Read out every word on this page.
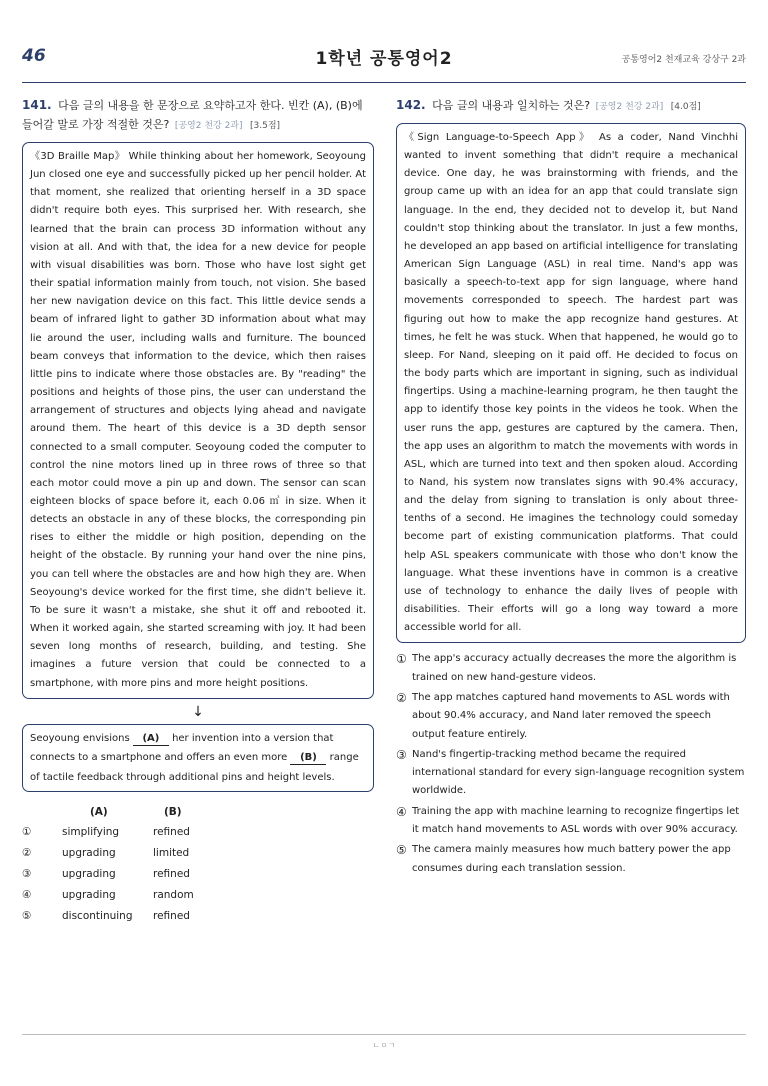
46	1학년 공통영어2	공통영어2 천재교육 강상구 2과
141. 다음 글의 내용을 한 문장으로 요약하고자 한다. 빈칸 (A), (B)에 들어갈 말로 가장 적절한 것은? [공영2 천강 2과] [3.5점]
《3D Braille Map》 While thinking about her homework, Seoyoung Jun closed one eye and successfully picked up her pencil holder. At that moment, she realized that orienting herself in a 3D space didn't require both eyes. This surprised her. With research, she learned that the brain can process 3D information without any vision at all. And with that, the idea for a new device for people with visual disabilities was born. Those who have lost sight get their spatial information mainly from touch, not vision. She based her new navigation device on this fact. This little device sends a beam of infrared light to gather 3D information about what may lie around the user, including walls and furniture. The bounced beam conveys that information to the device, which then raises little pins to indicate where those obstacles are. By "reading" the positions and heights of those pins, the user can understand the arrangement of structures and objects lying ahead and navigate around them. The heart of this device is a 3D depth sensor connected to a small computer. Seoyoung coded the computer to control the nine motors lined up in three rows of three so that each motor could move a pin up and down. The sensor can scan eighteen blocks of space before it, each 0.06 ㎥ in size. When it detects an obstacle in any of these blocks, the corresponding pin rises to either the middle or high position, depending on the height of the obstacle. By running your hand over the nine pins, you can tell where the obstacles are and how high they are. When Seoyoung's device worked for the first time, she didn't believe it. To be sure it wasn't a mistake, she shut it off and rebooted it. When it worked again, she started screaming with joy. It had been seven long months of research, building, and testing. She imagines a future version that could be connected to a smartphone, with more pins and more height positions.
↓
Seoyoung envisions (A) her invention into a version that connects to a smartphone and offers an even more (B) range of tactile feedback through additional pins and height levels.
(A)	(B)
①	simplifying	refined
②	upgrading	limited
③	upgrading	refined
④	upgrading	random
⑤	discontinuing refined
142. 다음 글의 내용과 일치하는 것은? [공영2 천강 2과] [4.0점]
《Sign Language-to-Speech App》 As a coder, Nand Vinchhi wanted to invent something that didn't require a mechanical device. One day, he was brainstorming with friends, and the group came up with an idea for an app that could translate sign language. In the end, they decided not to develop it, but Nand couldn't stop thinking about the translator. In just a few months, he developed an app based on artificial intelligence for translating American Sign Language (ASL) in real time. Nand's app was basically a speech-to-text app for sign language, where hand movements corresponded to speech. The hardest part was figuring out how to make the app recognize hand gestures. At times, he felt he was stuck. When that happened, he would go to sleep. For Nand, sleeping on it paid off. He decided to focus on the body parts which are important in signing, such as individual fingertips. Using a machine-learning program, he then taught the app to identify those key points in the videos he took. When the user runs the app, gestures are captured by the camera. Then, the app uses an algorithm to match the movements with words in ASL, which are turned into text and then spoken aloud. According to Nand, his system now translates signs with 90.4% accuracy, and the delay from signing to translation is only about three-tenths of a second. He imagines the technology could someday become part of existing communication platforms. That could help ASL speakers communicate with those who don't know the language. What these inventions have in common is a creative use of technology to enhance the daily lives of people with disabilities. Their efforts will go a long way toward a more accessible world for all.
① The app's accuracy actually decreases the more the algorithm is trained on new hand-gesture videos.
② The app matches captured hand movements to ASL words with about 90.4% accuracy, and Nand later removed the speech output feature entirely.
③ Nand's fingertip-tracking method became the required international standard for every sign-language recognition system worldwide.
④ Training the app with machine learning to recognize fingertips let it match hand movements to ASL words with over 90% accuracy.
⑤ The camera mainly measures how much battery power the app consumes during each translation session.
ㄴㅇㄱ
